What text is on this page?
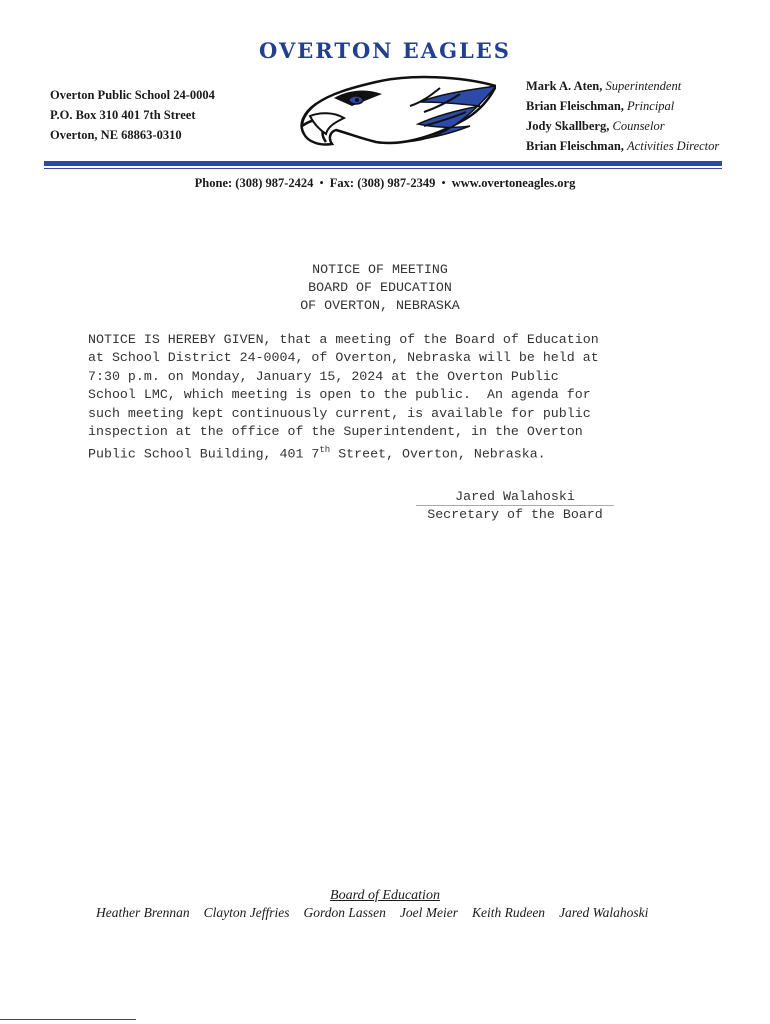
OVERTON EAGLES
Overton Public School 24-0004
P.O. Box 310 401 7th Street
Overton, NE 68863-0310
Mark A. Aten, Superintendent
Brian Fleischman, Principal
Jody Skallberg, Counselor
Brian Fleischman, Activities Director
Phone: (308) 987-2424 • Fax: (308) 987-2349 • www.overtoneagles.org
NOTICE OF MEETING
BOARD OF EDUCATION
OF OVERTON, NEBRASKA
NOTICE IS HEREBY GIVEN, that a meeting of the Board of Education
at School District 24-0004, of Overton, Nebraska will be held at
7:30 p.m. on Monday, January 15, 2024 at the Overton Public
School LMC, which meeting is open to the public.  An agenda for
such meeting kept continuously current, is available for public
inspection at the office of the Superintendent, in the Overton
Public School Building, 401 7th Street, Overton, Nebraska.
Jared Walahoski
Secretary of the Board
Board of Education
Heather Brennan Clayton Jeffries Gordon Lassen Joel Meier Keith Rudeen Jared Walahoski
